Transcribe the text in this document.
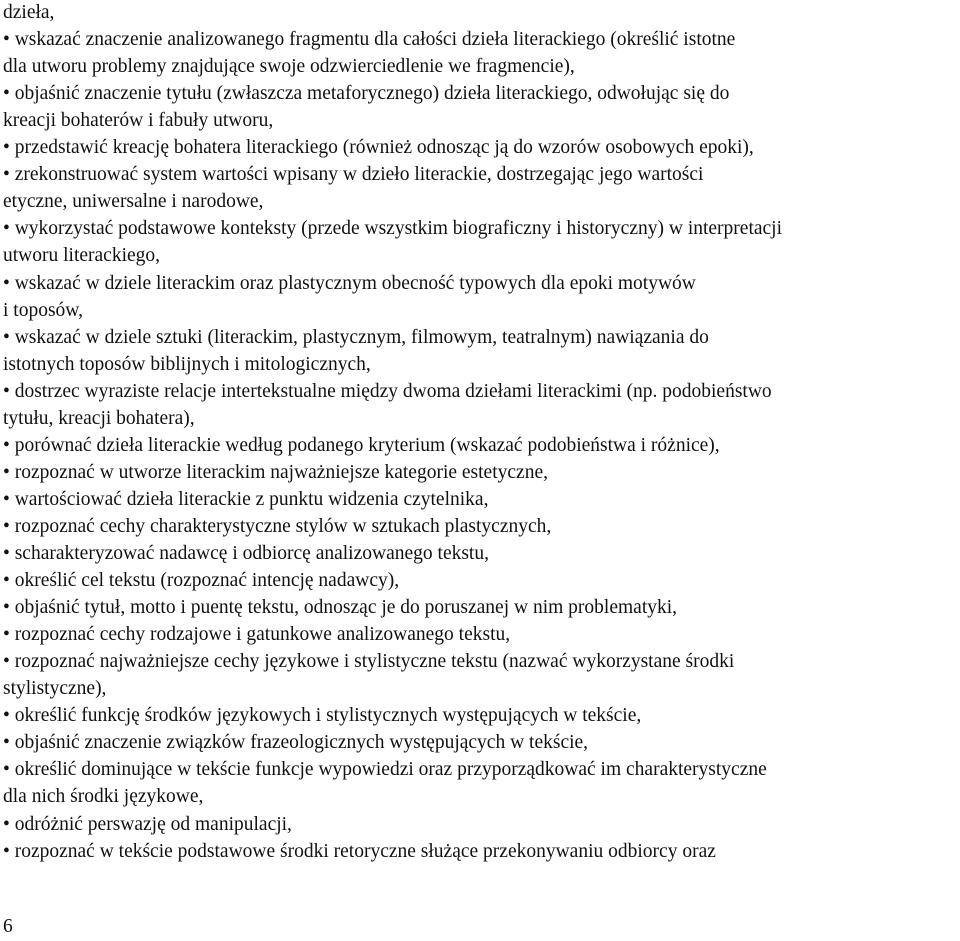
dzieła,
• wskazać znaczenie analizowanego fragmentu dla całości dzieła literackiego (określić istotne
dla utworu problemy znajdujące swoje odzwierciedlenie we fragmencie),
• objaśnić znaczenie tytułu (zwłaszcza metaforycznego) dzieła literackiego, odwołując się do
kreacji bohaterów i fabuły utworu,
• przedstawić kreację bohatera literackiego (również odnosząc ją do wzorów osobowych epoki),
• zrekonstruować system wartości wpisany w dzieło literackie, dostrzegając jego wartości
etyczne, uniwersalne i narodowe,
• wykorzystać podstawowe konteksty (przede wszystkim biograficzny i historyczny) w interpretacji
utworu literackiego,
• wskazać w dziele literackim oraz plastycznym obecność typowych dla epoki motywów
i toposów,
• wskazać w dziele sztuki (literackim, plastycznym, filmowym, teatralnym) nawiązania do
istotnych toposów biblijnych i mitologicznych,
• dostrzec wyraziste relacje intertekstualne między dwoma dziełami literackimi (np. podobieństwo
tytułu, kreacji bohatera),
• porównać dzieła literackie według podanego kryterium (wskazać podobieństwa i różnice),
• rozpoznać w utworze literackim najważniejsze kategorie estetyczne,
• wartościować dzieła literackie z punktu widzenia czytelnika,
• rozpoznać cechy charakterystyczne stylów w sztukach plastycznych,
• scharakteryzować nadawcę i odbiorcę analizowanego tekstu,
• określić cel tekstu (rozpoznać intencję nadawcy),
• objaśnić tytuł, motto i puentę tekstu, odnosząc je do poruszanej w nim problematyki,
• rozpoznać cechy rodzajowe i gatunkowe analizowanego tekstu,
• rozpoznać najważniejsze cechy językowe i stylistyczne tekstu (nazwać wykorzystane środki
stylistyczne),
• określić funkcję środków językowych i stylistycznych występujących w tekście,
• objaśnić znaczenie związków frazeologicznych występujących w tekście,
• określić dominujące w tekście funkcje wypowiedzi oraz przyporządkować im charakterystyczne
dla nich środki językowe,
• odróżnić perswazję od manipulacji,
• rozpoznać w tekście podstawowe środki retoryczne służące przekonywaniu odbiorcy oraz
6
